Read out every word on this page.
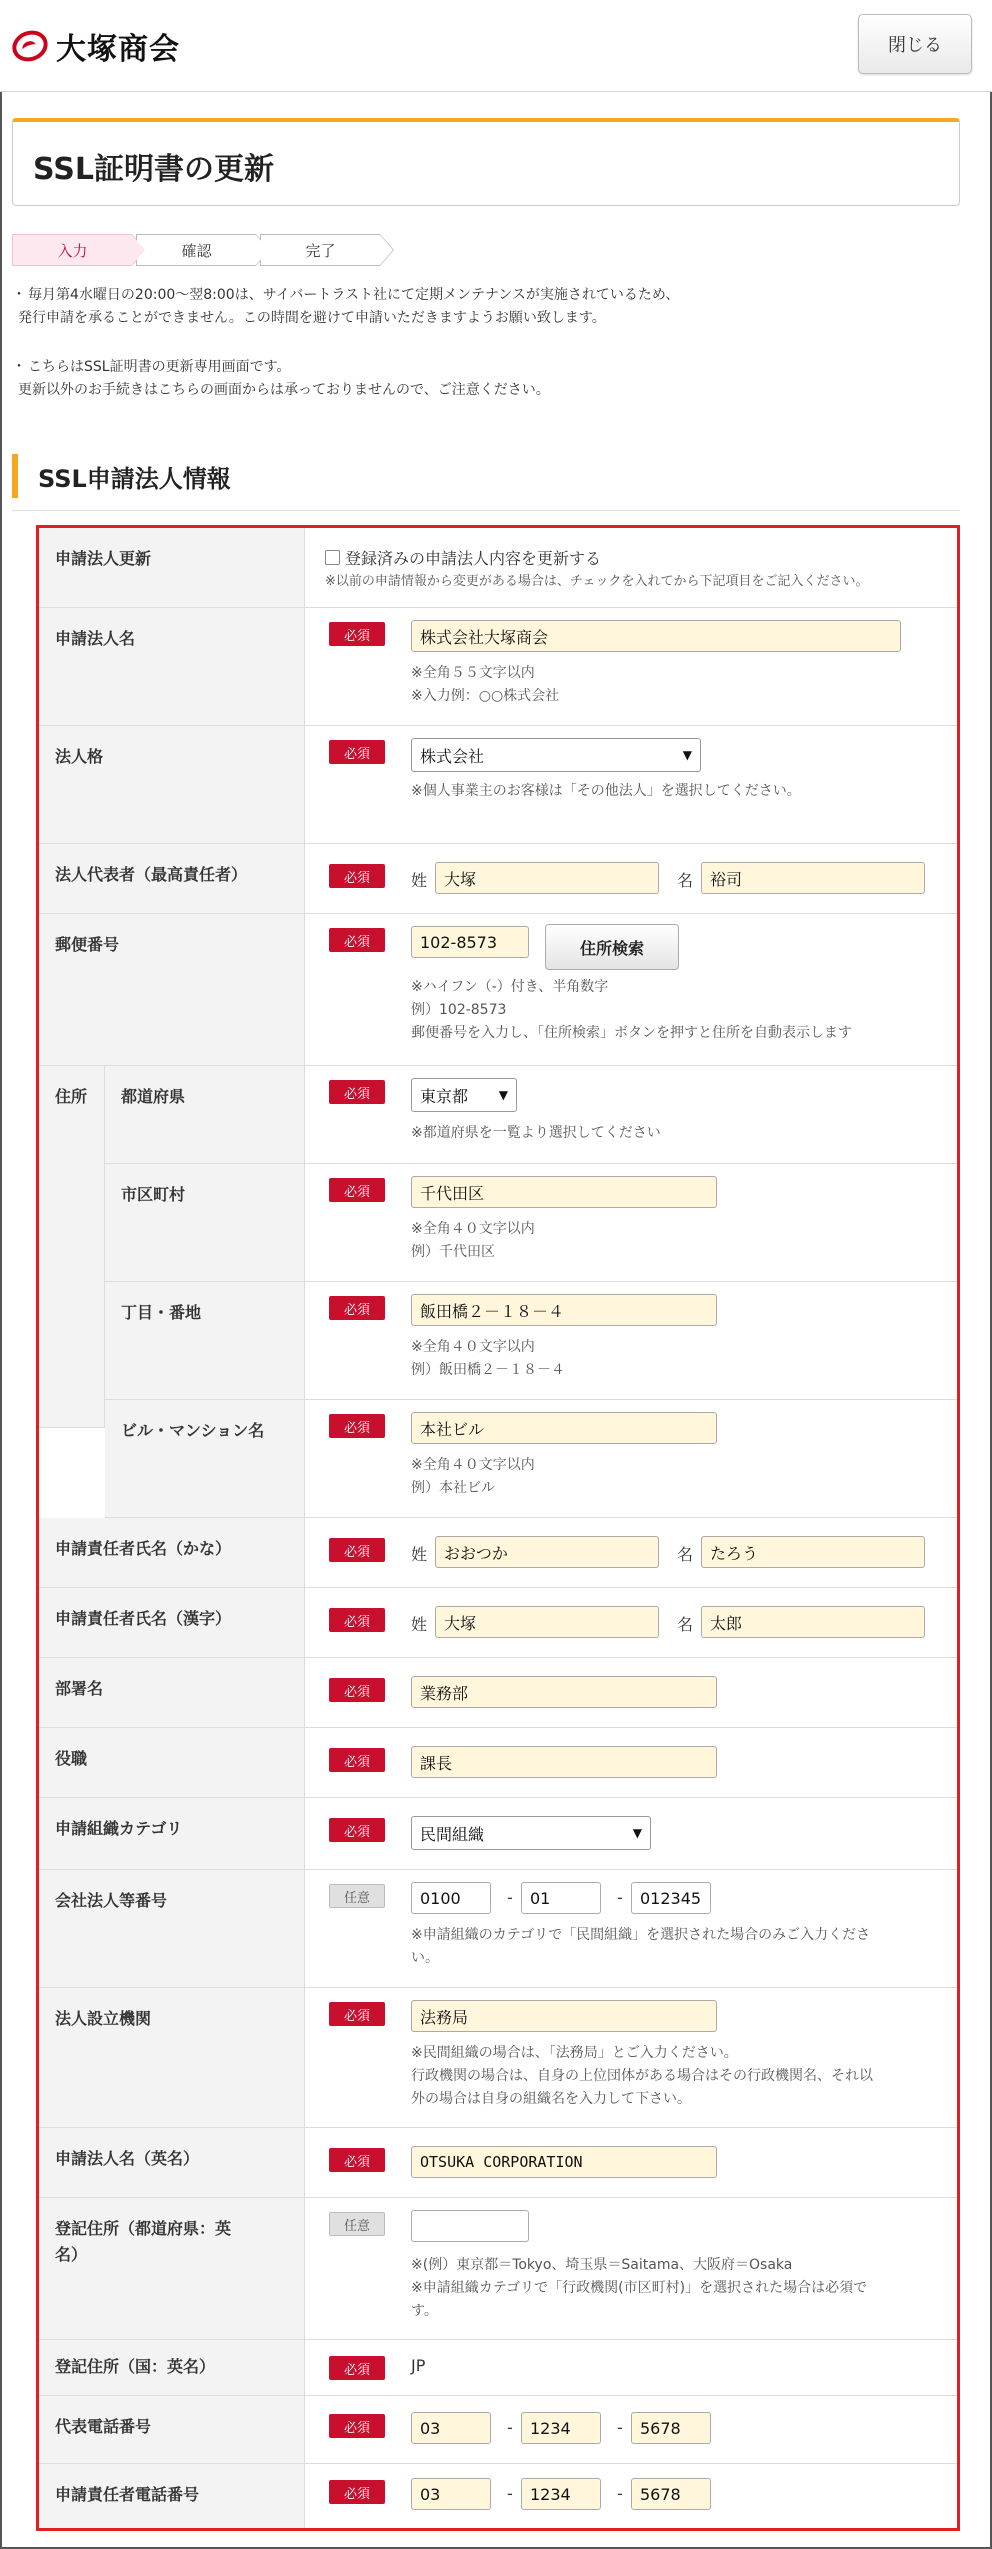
大塚商会	閉じる
SSL証明書の更新
入力	確認	完了
・ 毎月第4水曜日の20:00～翌8:00は、サイバートラスト社にて定期メンテナンスが実施されているため、
発行申請を承ることができません。この時間を避けて申請いただきますようお願い致します。
・ こちらはSSL証明書の更新専用画面です。
更新以外のお手続きはこちらの画面からは承っておりませんので、ご注意ください。
SSL申請法人情報
申請法人更新	登録済みの申請法人内容を更新する
※以前の申請情報から変更がある場合は、チェックを入れてから下記項目をご記入ください。
申請法人名	必須	株式会社大塚商会
※全角５５文字以内
※入力例：○○株式会社
法人格	必須	株式会社	▼
※個人事業主のお客様は「その他法人」を選択してください。
法人代表者（最高責任者）	必須	姓	大塚	名	裕司
郵便番号	必須	102-8573	住所検索
※ハイフン（-）付き、半角数字
例）102-8573
郵便番号を入力し、「住所検索」ボタンを押すと住所を自動表示します
住所 都道府県	必須	東京都	▼
※都道府県を一覧より選択してください
市区町村	必須	千代田区
※全角４０文字以内
例）千代田区
丁目・番地	必須	飯田橋２－１８－４
※全角４０文字以内
例）飯田橋２－１８－４
ビル・マンション名	必須	本社ビル
※全角４０文字以内
例）本社ビル
申請責任者氏名（かな）	必須	姓	おおつか	名	たろう
申請責任者氏名（漢字）	必須	姓	大塚	名	太郎
部署名	必須	業務部
役職	必須	課長
申請組織カテゴリ	必須	民間組織	▼
会社法人等番号	任意	0100	-	01	-	012345
※申請組織のカテゴリで「民間組織」を選択された場合のみご入力くださ
い。
法人設立機関	必須	法務局
※民間組織の場合は、「法務局」とご入力ください。
行政機関の場合は、自身の上位団体がある場合はその行政機関名、それ以
外の場合は自身の組織名を入力して下さい。
申請法人名（英名）	必須	OTSUKA CORPORATION
登記住所（都道府県：英
名）
任意
※(例）東京都＝Tokyo、埼玉県＝Saitama、大阪府＝Osaka
※申請組織カテゴリで「行政機関(市区町村)」を選択された場合は必須で
す。
登記住所（国：英名）	必須	JP
代表電話番号	必須	03	-	1234	-	5678
申請責任者電話番号	必須	03	-	1234	-	5678
